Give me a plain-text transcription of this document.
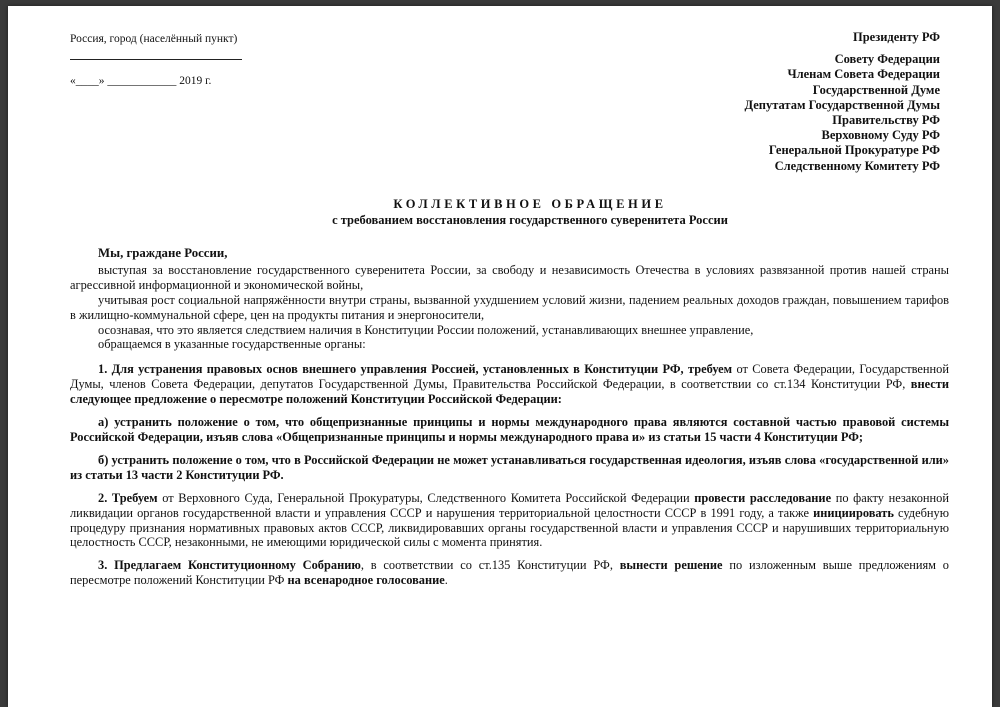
Россия, город (населённый пункт)
«____» ____________ 2019 г.
Президенту РФ
Совету Федерации
Членам Совета Федерации
Государственной Думе
Депутатам Государственной Думы
Правительству РФ
Верховному Суду РФ
Генеральной Прокуратуре РФ
Следственному Комитету РФ
КОЛЛЕКТИВНОЕ ОБРАЩЕНИЕ
с требованием восстановления государственного суверенитета России

Мы, граждане России,

выступая за восстановление государственного суверенитета России, за свободу и независимость Отечества в условиях развязанной против нашей страны агрессивной информационной и экономической войны,

учитывая рост социальной напряжённости внутри страны, вызванной ухудшением условий жизни, падением реальных доходов граждан, повышением тарифов в жилищно-коммунальной сфере, цен на продукты питания и энергоносители,

осознавая, что это является следствием наличия в Конституции России положений, устанавливающих внешнее управление,

обращаемся в указанные государственные органы:

1. Для устранения правовых основ внешнего управления Россией, установленных в Конституции РФ, требуем от Совета Федерации, Государственной Думы, членов Совета Федерации, депутатов Государственной Думы, Правительства Российской Федерации, в соответствии со ст.134 Конституции РФ, внести следующее предложение о пересмотре положений Конституции Российской Федерации:

а) устранить положение о том, что общепризнанные принципы и нормы международного права являются составной частью правовой системы Российской Федерации, изъяв слова «Общепризнанные принципы и нормы международного права и» из статьи 15 части 4 Конституции РФ;

б) устранить положение о том, что в Российской Федерации не может устанавливаться государственная идеология, изъяв слова «государственной или» из статьи 13 части 2 Конституции РФ.

2. Требуем от Верховного Суда, Генеральной Прокуратуры, Следственного Комитета Российской Федерации провести расследование по факту незаконной ликвидации органов государственной власти и управления СССР и нарушения территориальной целостности СССР в 1991 году, а также инициировать судебную процедуру признания нормативных правовых актов СССР, ликвидировавших органы государственной власти и управления СССР и нарушивших территориальную целостность СССР, незаконными, не имеющими юридической силы с момента принятия.

3. Предлагаем Конституционному Собранию, в соответствии со ст.135 Конституции РФ, вынести решение по изложенным выше предложениям о пересмотре положений Конституции РФ на всенародное голосование.
